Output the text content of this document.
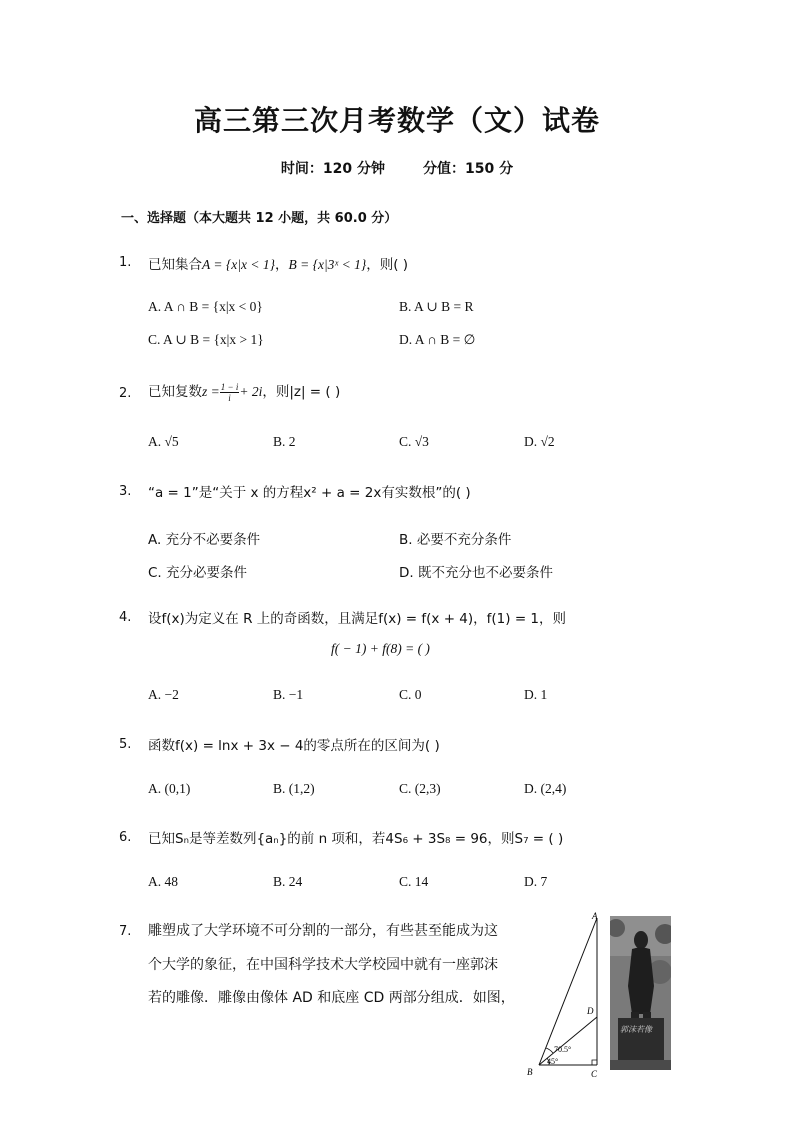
高三第三次月考数学（文）试卷
时间：120 分钟	分值：150 分
一、选择题（本大题共 12 小题，共 60.0 分）
1. 已知集合A = {x|x < 1}，B = {x|3ˣ < 1}，则( )
A. A ∩ B = {x|x < 0}	B. A ∪ B = R
C. A ∪ B = {x|x > 1}	D. A ∩ B = ∅
2. 已知复数$z = \frac{1 - i}{i} + 2i$，则|z| = ( )
A. √5	B. 2	C. √3	D. √2
3. “a = 1”是“关于 x 的方程x² + a = 2x有实数根”的( )
A. 充分不必要条件	B. 必要不充分条件
C. 充分必要条件	D. 既不充分也不必要条件
4. 设f(x)为定义在 R 上的奇函数，且满足f(x) = f(x + 4)，f(1) = 1，则
f( − 1) + f(8) = ( )
A. −2	B. −1	C. 0	D. 1
5. 函数f(x) = lnx + 3x − 4的零点所在的区间为( )
A. (0,1)	B. (1,2)	C. (2,3)	D. (2,4)
6. 已知Sₙ是等差数列{aₙ}的前 n 项和，若4S₆ + 3S₈ = 96，则S₇ = ( )
A. 48	B. 24	C. 14	D. 7
7. 雕塑成了大学环境不可分割的一部分，有些甚至能成为这
个大学的象征，在中国科学技术大学校园中就有一座郭沫
若的雕像．雕像由像体 AD 和底座 CD 两部分组成．如图，
A
B	C
D
70.5°
45°
郭沫若像
